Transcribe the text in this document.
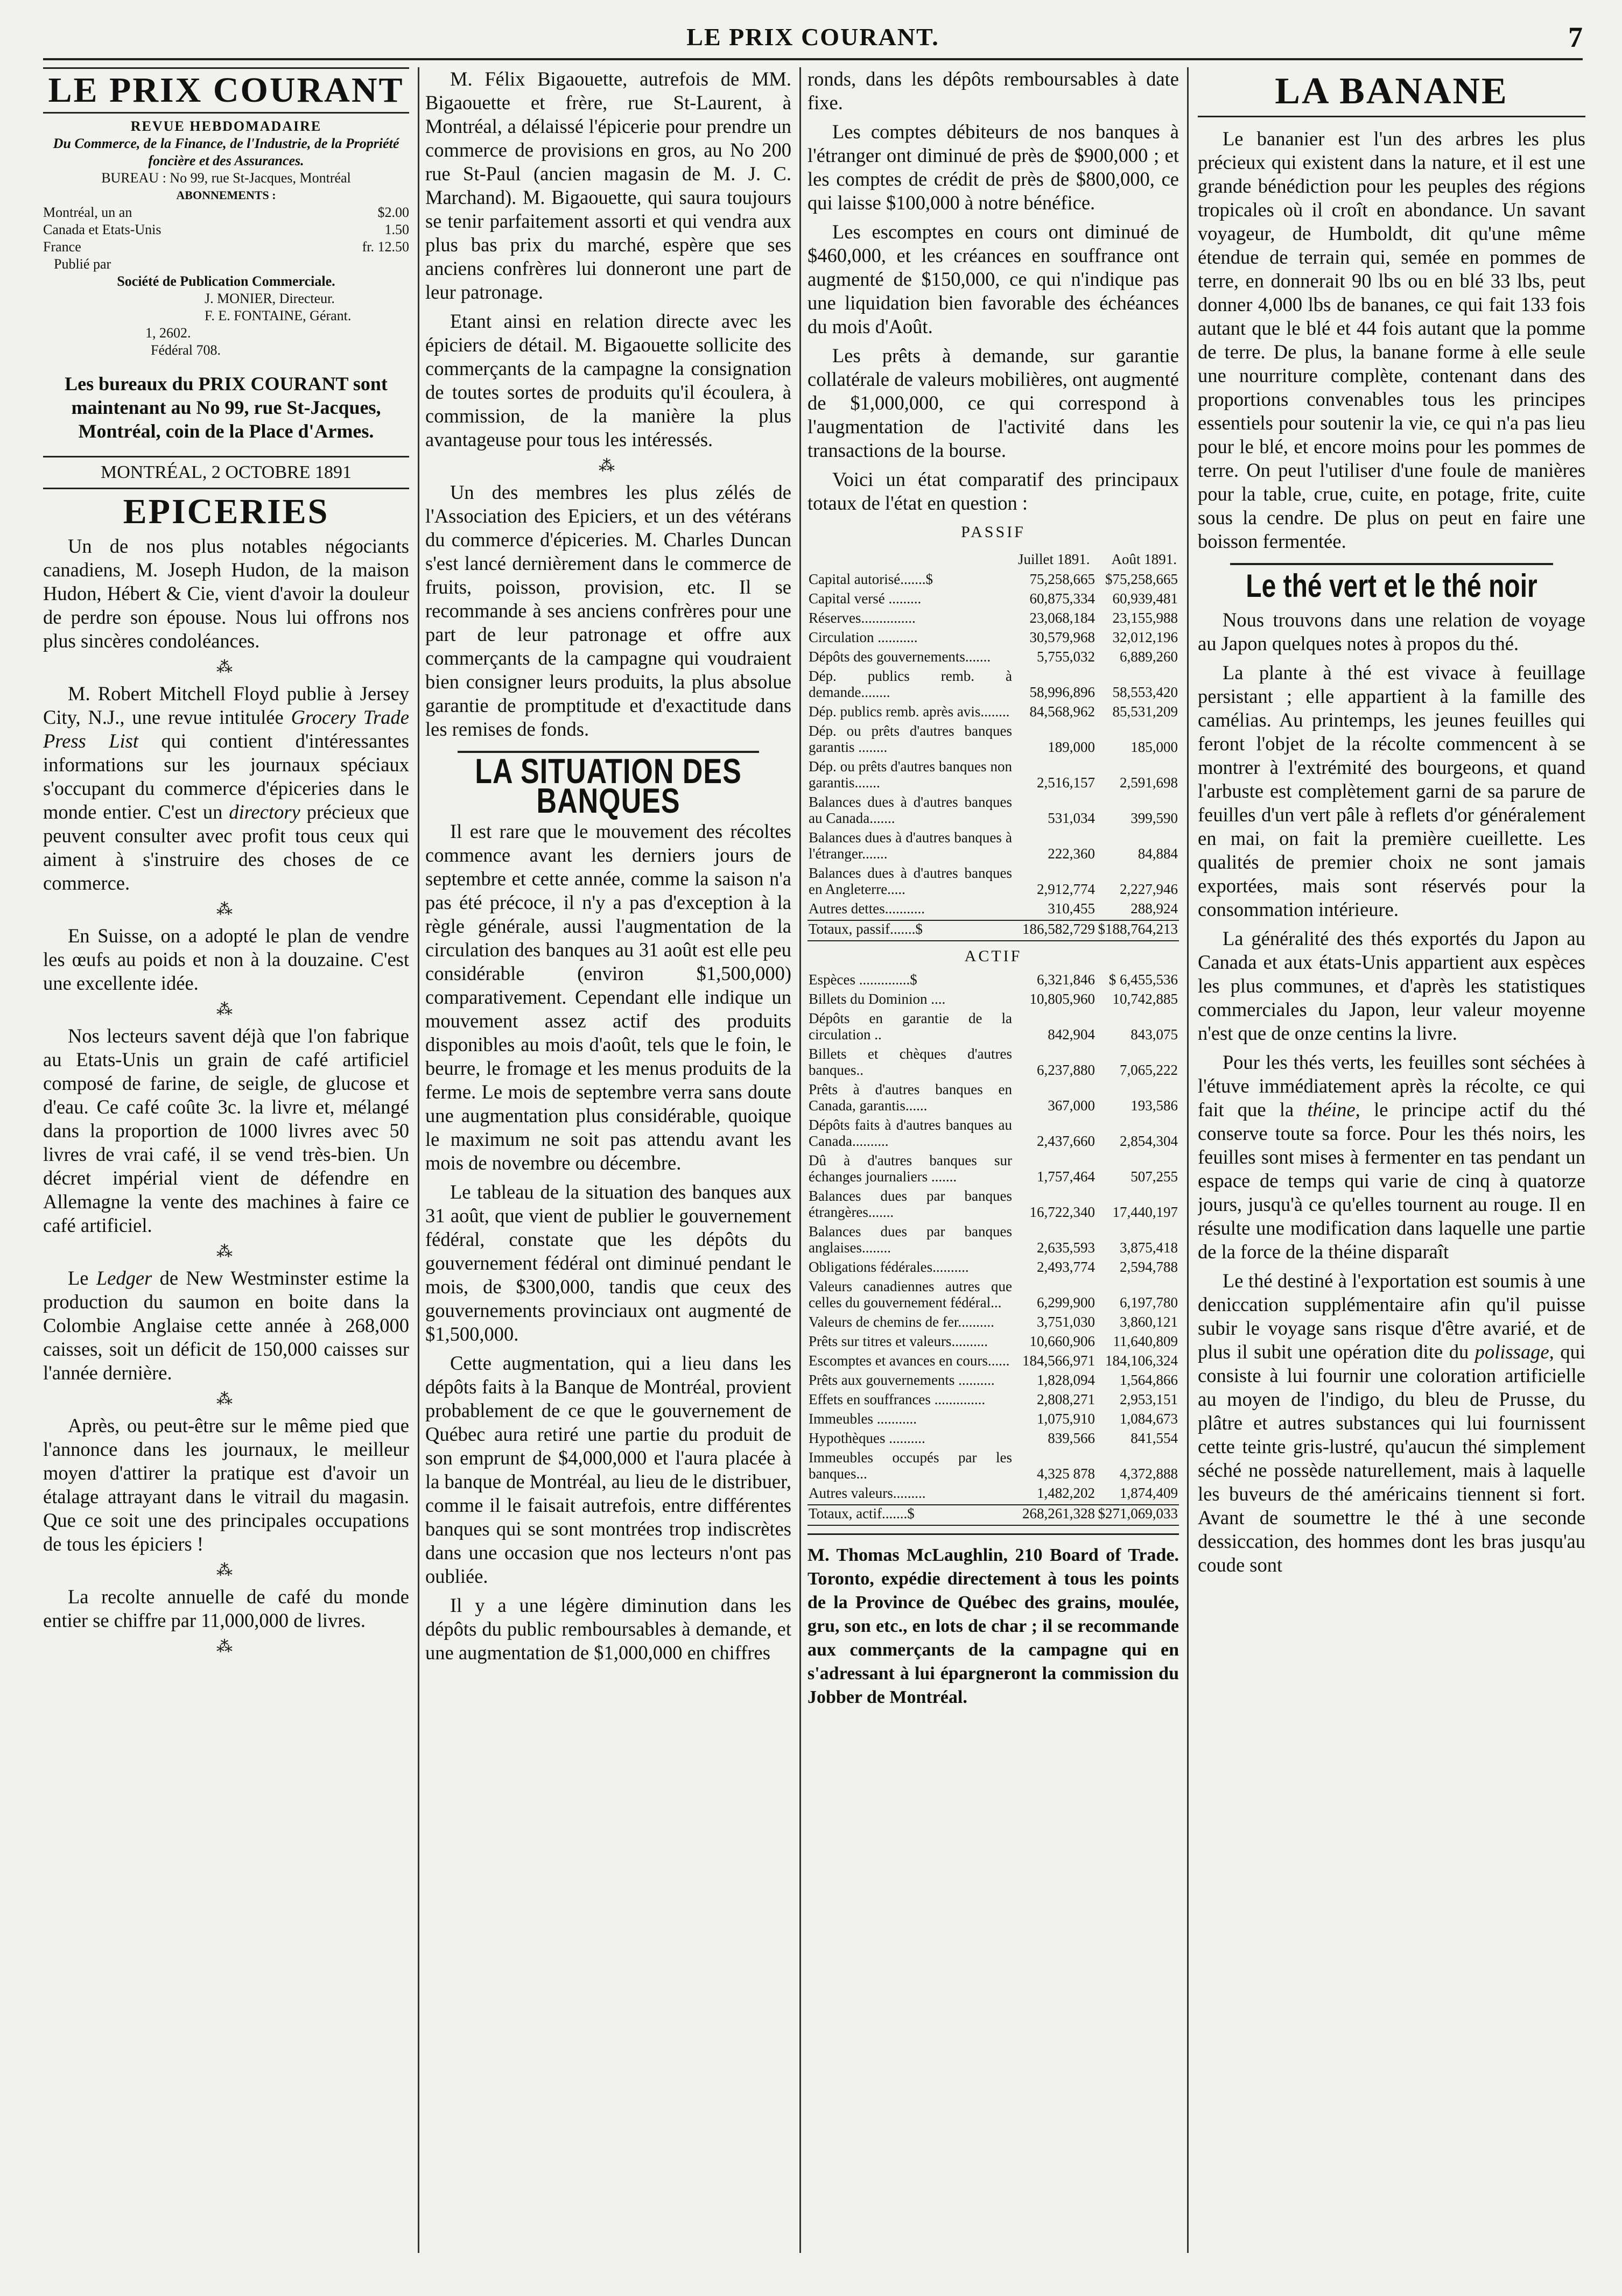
LE PRIX COURANT.	7
LE PRIX COURANT
REVUE HEBDOMADAIRE
Du Commerce, de la Finance, de l'Industrie, de la Propriété foncière et des Assurances.
BUREAU : No 99, rue St-Jacques, Montréal
ABONNEMENTS :
Montréal, un an	$2.00
Canada et Etats-Unis	1.50
France	fr. 12.50
Publié par
Société de Publication Commerciale.
J. MONIER, Directeur.
F. E. FONTAINE, Gérant.
1, 2602.
Fédéral 708.

Les bureaux du PRIX COURANT sont maintenant au No 99, rue St-Jacques, Montréal, coin de la Place d'Armes.

MONTRÉAL, 2 OCTOBRE 1891
EPICERIES

Un de nos plus notables négociants canadiens, M. Joseph Hudon, de la maison Hudon, Hébert & Cie, vient d'avoir la douleur de perdre son épouse. Nous lui offrons nos plus sincères condoléances.

⁂

M. Robert Mitchell Floyd publie à Jersey City, N.J., une revue intitulée Grocery Trade Press List qui contient d'intéressantes informations sur les journaux spéciaux s'occupant du commerce d'épiceries dans le monde entier. C'est un directory précieux que peuvent consulter avec profit tous ceux qui aiment à s'instruire des choses de ce commerce.

⁂

En Suisse, on a adopté le plan de vendre les œufs au poids et non à la douzaine. C'est une excellente idée.

⁂

Nos lecteurs savent déjà que l'on fabrique au Etats-Unis un grain de café artificiel composé de farine, de seigle, de glucose et d'eau. Ce café coûte 3c. la livre et, mélangé dans la proportion de 1000 livres avec 50 livres de vrai café, il se vend très-bien. Un décret impérial vient de défendre en Allemagne la vente des machines à faire ce café artificiel.

⁂

Le Ledger de New Westminster estime la production du saumon en boite dans la Colombie Anglaise cette année à 268,000 caisses, soit un déficit de 150,000 caisses sur l'année dernière.

⁂

Après, ou peut-être sur le même pied que l'annonce dans les journaux, le meilleur moyen d'attirer la pratique est d'avoir un étalage attrayant dans le vitrail du magasin. Que ce soit une des principales occupations de tous les épiciers !

⁂

La recolte annuelle de café du monde entier se chiffre par 11,000,000 de livres.

⁂

M. Félix Bigaouette, autrefois de MM. Bigaouette et frère, rue St-Laurent, à Montréal, a délaissé l'épicerie pour prendre un commerce de provisions en gros, au No 200 rue St-Paul (ancien magasin de M. J. C. Marchand). M. Bigaouette, qui saura toujours se tenir parfaitement assorti et qui vendra aux plus bas prix du marché, espère que ses anciens confrères lui donneront une part de leur patronage.

Etant ainsi en relation directe avec les épiciers de détail. M. Bigaouette sollicite des commerçants de la campagne la consignation de toutes sortes de produits qu'il écoulera, à commission, de la manière la plus avantageuse pour tous les intéressés.

⁂

Un des membres les plus zélés de l'Association des Epiciers, et un des vétérans du commerce d'épiceries. M. Charles Duncan s'est lancé dernièrement dans le commerce de fruits, poisson, provision, etc. Il se recommande à ses anciens confrères pour une part de leur patronage et offre aux commerçants de la campagne qui voudraient bien consigner leurs produits, la plus absolue garantie de promptitude et d'exactitude dans les remises de fonds.

LA SITUATION DES BANQUES

Il est rare que le mouvement des récoltes commence avant les derniers jours de septembre et cette année, comme la saison n'a pas été précoce, il n'y a pas d'exception à la règle générale, aussi l'augmentation de la circulation des banques au 31 août est elle peu considérable (environ $1,500,000) comparativement. Cependant elle indique un mouvement assez actif des produits disponibles au mois d'août, tels que le foin, le beurre, le fromage et les menus produits de la ferme. Le mois de septembre verra sans doute une augmentation plus considérable, quoique le maximum ne soit pas attendu avant les mois de novembre ou décembre.

Le tableau de la situation des banques aux 31 août, que vient de publier le gouvernement fédéral, constate que les dépôts du gouvernement fédéral ont diminué pendant le mois, de $300,000, tandis que ceux des gouvernements provinciaux ont augmenté de $1,500,000.

Cette augmentation, qui a lieu dans les dépôts faits à la Banque de Montréal, provient probablement de ce que le gouvernement de Québec aura retiré une partie du produit de son emprunt de $4,000,000 et l'aura placée à la banque de Montréal, au lieu de le distribuer, comme il le faisait autrefois, entre différentes banques qui se sont montrées trop indiscrètes dans une occasion que nos lecteurs n'ont pas oubliée.

Il y a une légère diminution dans les dépôts du public remboursables à demande, et une augmentation de $1,000,000 en chiffres

ronds, dans les dépôts remboursables à date fixe.

Les comptes débiteurs de nos banques à l'étranger ont diminué de près de $900,000 ; et les comptes de crédit de près de $800,000, ce qui laisse $100,000 à notre bénéfice.

Les escomptes en cours ont diminué de $460,000, et les créances en souffrance ont augmenté de $150,000, ce qui n'indique pas une liquidation bien favorable des échéances du mois d'Août.

Les prêts à demande, sur garantie collatérale de valeurs mobilières, ont augmenté de $1,000,000, ce qui correspond à l'augmentation de l'activité dans les transactions de la bourse.

Voici un état comparatif des principaux totaux de l'état en question :

PASSIF
Juillet 1891. Août 1891.
Capital autorisé.......$	75,258,665	$75,258,665
Capital versé .........	60,875,334	60,939,481
Réserves...............	23,068,184	23,155,988
Circulation ...........	30,579,968	32,012,196
Dépôts des gouvernements.......	5,755,032	6,889,260
Dép. publics remb. à demande........	58,996,896	58,553,420
Dép. publics remb. après avis........	84,568,962	85,531,209
Dép. ou prêts d'autres banques garantis ........	189,000	185,000
Dép. ou prêts d'autres banques non garantis.......	2,516,157	2,591,698
Balances dues à d'autres banques au Canada.......	531,034	399,590
Balances dues à d'autres banques à l'étranger.......	222,360	84,884
Balances dues à d'autres banques en Angleterre.....	2,912,774	2,227,946
Autres dettes...........	310,455	288,924
Totaux, passif.......$	186,582,729	$188,764,213
ACTIF
Espèces ..............$	6,321,846	$ 6,455,536
Billets du Dominion ....	10,805,960	10,742,885
Dépôts en garantie de la circulation ..	842,904	843,075
Billets et chèques d'autres banques..	6,237,880	7,065,222
Prêts à d'autres banques en Canada, garantis......	367,000	193,586
Dépôts faits à d'autres banques au Canada..........	2,437,660	2,854,304
Dû à d'autres banques sur échanges journaliers .......	1,757,464	507,255
Balances dues par banques étrangères.......	16,722,340	17,440,197
Balances dues par banques anglaises........	2,635,593	3,875,418
Obligations fédérales..........	2,493,774	2,594,788
Valeurs canadiennes autres que celles du gouvernement fédéral...	6,299,900	6,197,780
Valeurs de chemins de fer..........	3,751,030	3,860,121
Prêts sur titres et valeurs..........	10,660,906	11,640,809
Escomptes et avances en cours......	184,566,971	184,106,324
Prêts aux gouvernements ..........	1,828,094	1,564,866
Effets en souffrances ..............	2,808,271	2,953,151
Immeubles ...........	1,075,910	1,084,673
Hypothèques ..........	839,566	841,554
Immeubles occupés par les banques...	4,325 878	4,372,888
Autres valeurs.........	1,482,202	1,874,409
Totaux, actif.......$	268,261,328	$271,069,033
M. Thomas McLaughlin, 210 Board of Trade. Toronto, expédie directement à tous les points de la Province de Québec des grains, moulée, gru, son etc., en lots de char ; il se recommande aux commerçants de la campagne qui en s'adressant à lui épargneront la commission du Jobber de Montréal.
LA BANANE

Le bananier est l'un des arbres les plus précieux qui existent dans la nature, et il est une grande bénédiction pour les peuples des régions tropicales où il croît en abondance. Un savant voyageur, de Humboldt, dit qu'une même étendue de terrain qui, semée en pommes de terre, en donnerait 90 lbs ou en blé 33 lbs, peut donner 4,000 lbs de bananes, ce qui fait 133 fois autant que le blé et 44 fois autant que la pomme de terre. De plus, la banane forme à elle seule une nourriture complète, contenant dans des proportions convenables tous les principes essentiels pour soutenir la vie, ce qui n'a pas lieu pour le blé, et encore moins pour les pommes de terre. On peut l'utiliser d'une foule de manières pour la table, crue, cuite, en potage, frite, cuite sous la cendre. De plus on peut en faire une boisson fermentée.

Le thé vert et le thé noir

Nous trouvons dans une relation de voyage au Japon quelques notes à propos du thé.

La plante à thé est vivace à feuillage persistant ; elle appartient à la famille des camélias. Au printemps, les jeunes feuilles qui feront l'objet de la récolte commencent à se montrer à l'extrémité des bourgeons, et quand l'arbuste est complètement garni de sa parure de feuilles d'un vert pâle à reflets d'or généralement en mai, on fait la première cueillette. Les qualités de premier choix ne sont jamais exportées, mais sont réservés pour la consommation intérieure.

La généralité des thés exportés du Japon au Canada et aux états-Unis appartient aux espèces les plus communes, et d'après les statistiques commerciales du Japon, leur valeur moyenne n'est que de onze centins la livre.

Pour les thés verts, les feuilles sont séchées à l'étuve immédiatement après la récolte, ce qui fait que la théine, le principe actif du thé conserve toute sa force. Pour les thés noirs, les feuilles sont mises à fermenter en tas pendant un espace de temps qui varie de cinq à quatorze jours, jusqu'à ce qu'elles tournent au rouge. Il en résulte une modification dans laquelle une partie de la force de la théine disparaît

Le thé destiné à l'exportation est soumis à une deniccation supplémentaire afin qu'il puisse subir le voyage sans risque d'être avarié, et de plus il subit une opération dite du polissage, qui consiste à lui fournir une coloration artificielle au moyen de l'indigo, du bleu de Prusse, du plâtre et autres substances qui lui fournissent cette teinte gris-lustré, qu'aucun thé simplement séché ne possède naturellement, mais à laquelle les buveurs de thé américains tiennent si fort. Avant de soumettre le thé à une seconde dessiccation, des hommes dont les bras jusqu'au coude sont
